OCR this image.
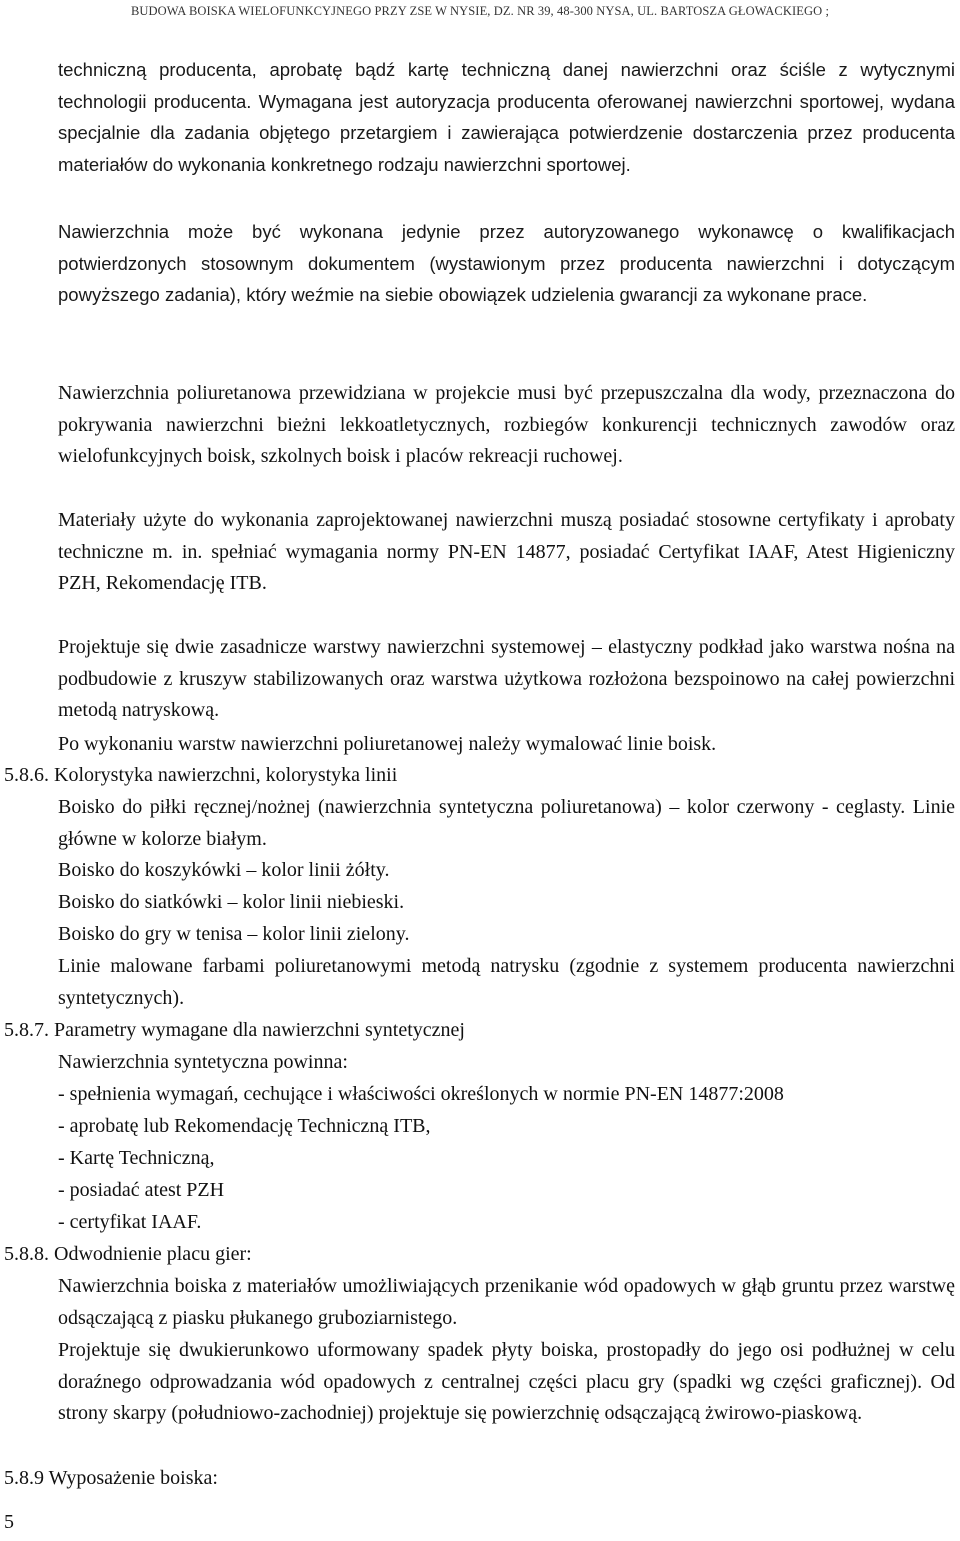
BUDOWA BOISKA WIELOFUNKCYJNEGO PRZY ZSE W NYSIE, DZ. NR 39, 48-300 NYSA, UL. BARTOSZA GŁOWACKIEGO ;

techniczną producenta, aprobatę bądź kartę techniczną danej nawierzchni oraz ściśle z wytycznymi technologii producenta. Wymagana jest autoryzacja producenta oferowanej nawierzchni sportowej, wydana specjalnie dla zadania objętego przetargiem i zawierająca potwierdzenie dostarczenia przez producenta materiałów do wykonania konkretnego rodzaju nawierzchni sportowej.

Nawierzchnia może być wykonana jedynie przez autoryzowanego wykonawcę o kwalifikacjach potwierdzonych stosownym dokumentem (wystawionym przez producenta nawierzchni i dotyczącym powyższego zadania), który weźmie na siebie obowiązek udzielenia gwarancji za wykonane prace.

Nawierzchnia poliuretanowa przewidziana w projekcie musi być przepuszczalna dla wody, przeznaczona do pokrywania nawierzchni bieżni lekkoatletycznych, rozbiegów konkurencji technicznych zawodów oraz wielofunkcyjnych boisk, szkolnych boisk i placów rekreacji ruchowej.

Materiały użyte do wykonania zaprojektowanej nawierzchni muszą posiadać stosowne certyfikaty i aprobaty techniczne m. in. spełniać wymagania normy PN-EN 14877, posiadać Certyfikat IAAF, Atest Higieniczny PZH, Rekomendację ITB.

Projektuje się dwie zasadnicze warstwy nawierzchni systemowej – elastyczny podkład jako warstwa nośna na podbudowie z kruszyw stabilizowanych oraz warstwa użytkowa rozłożona bezspoinowo na całej powierzchni metodą natryskową.

Po wykonaniu warstw nawierzchni poliuretanowej należy wymalować linie boisk.
5.8.6. Kolorystyka nawierzchni, kolorystyka linii

Boisko do piłki ręcznej/nożnej (nawierzchnia syntetyczna poliuretanowa) – kolor czerwony - ceglasty. Linie główne w kolorze białym.

Boisko do koszykówki – kolor linii żółty.
Boisko do siatkówki – kolor linii niebieski.
Boisko do gry w tenisa – kolor linii zielony.

Linie malowane farbami poliuretanowymi metodą natrysku (zgodnie z systemem producenta nawierzchni syntetycznych).

5.8.7. Parametry wymagane dla nawierzchni syntetycznej
Nawierzchnia syntetyczna powinna:
- spełnienia wymagań, cechujące i właściwości określonych w normie PN-EN 14877:2008
- aprobatę lub Rekomendację Techniczną ITB,
- Kartę Techniczną,
- posiadać atest PZH
- certyfikat IAAF.
5.8.8. Odwodnienie placu gier:

Nawierzchnia boiska z materiałów umożliwiających przenikanie wód opadowych w głąb gruntu przez warstwę odsączającą z piasku płukanego gruboziarnistego.

Projektuje się dwukierunkowo uformowany spadek płyty boiska, prostopadły do jego osi podłużnej w celu doraźnego odprowadzania wód opadowych z centralnej części placu gry (spadki wg części graficznej). Od strony skarpy (południowo-zachodniej) projektuje się powierzchnię odsączającą żwirowo-piaskową.

5.8.9 Wyposażenie boiska:
5
